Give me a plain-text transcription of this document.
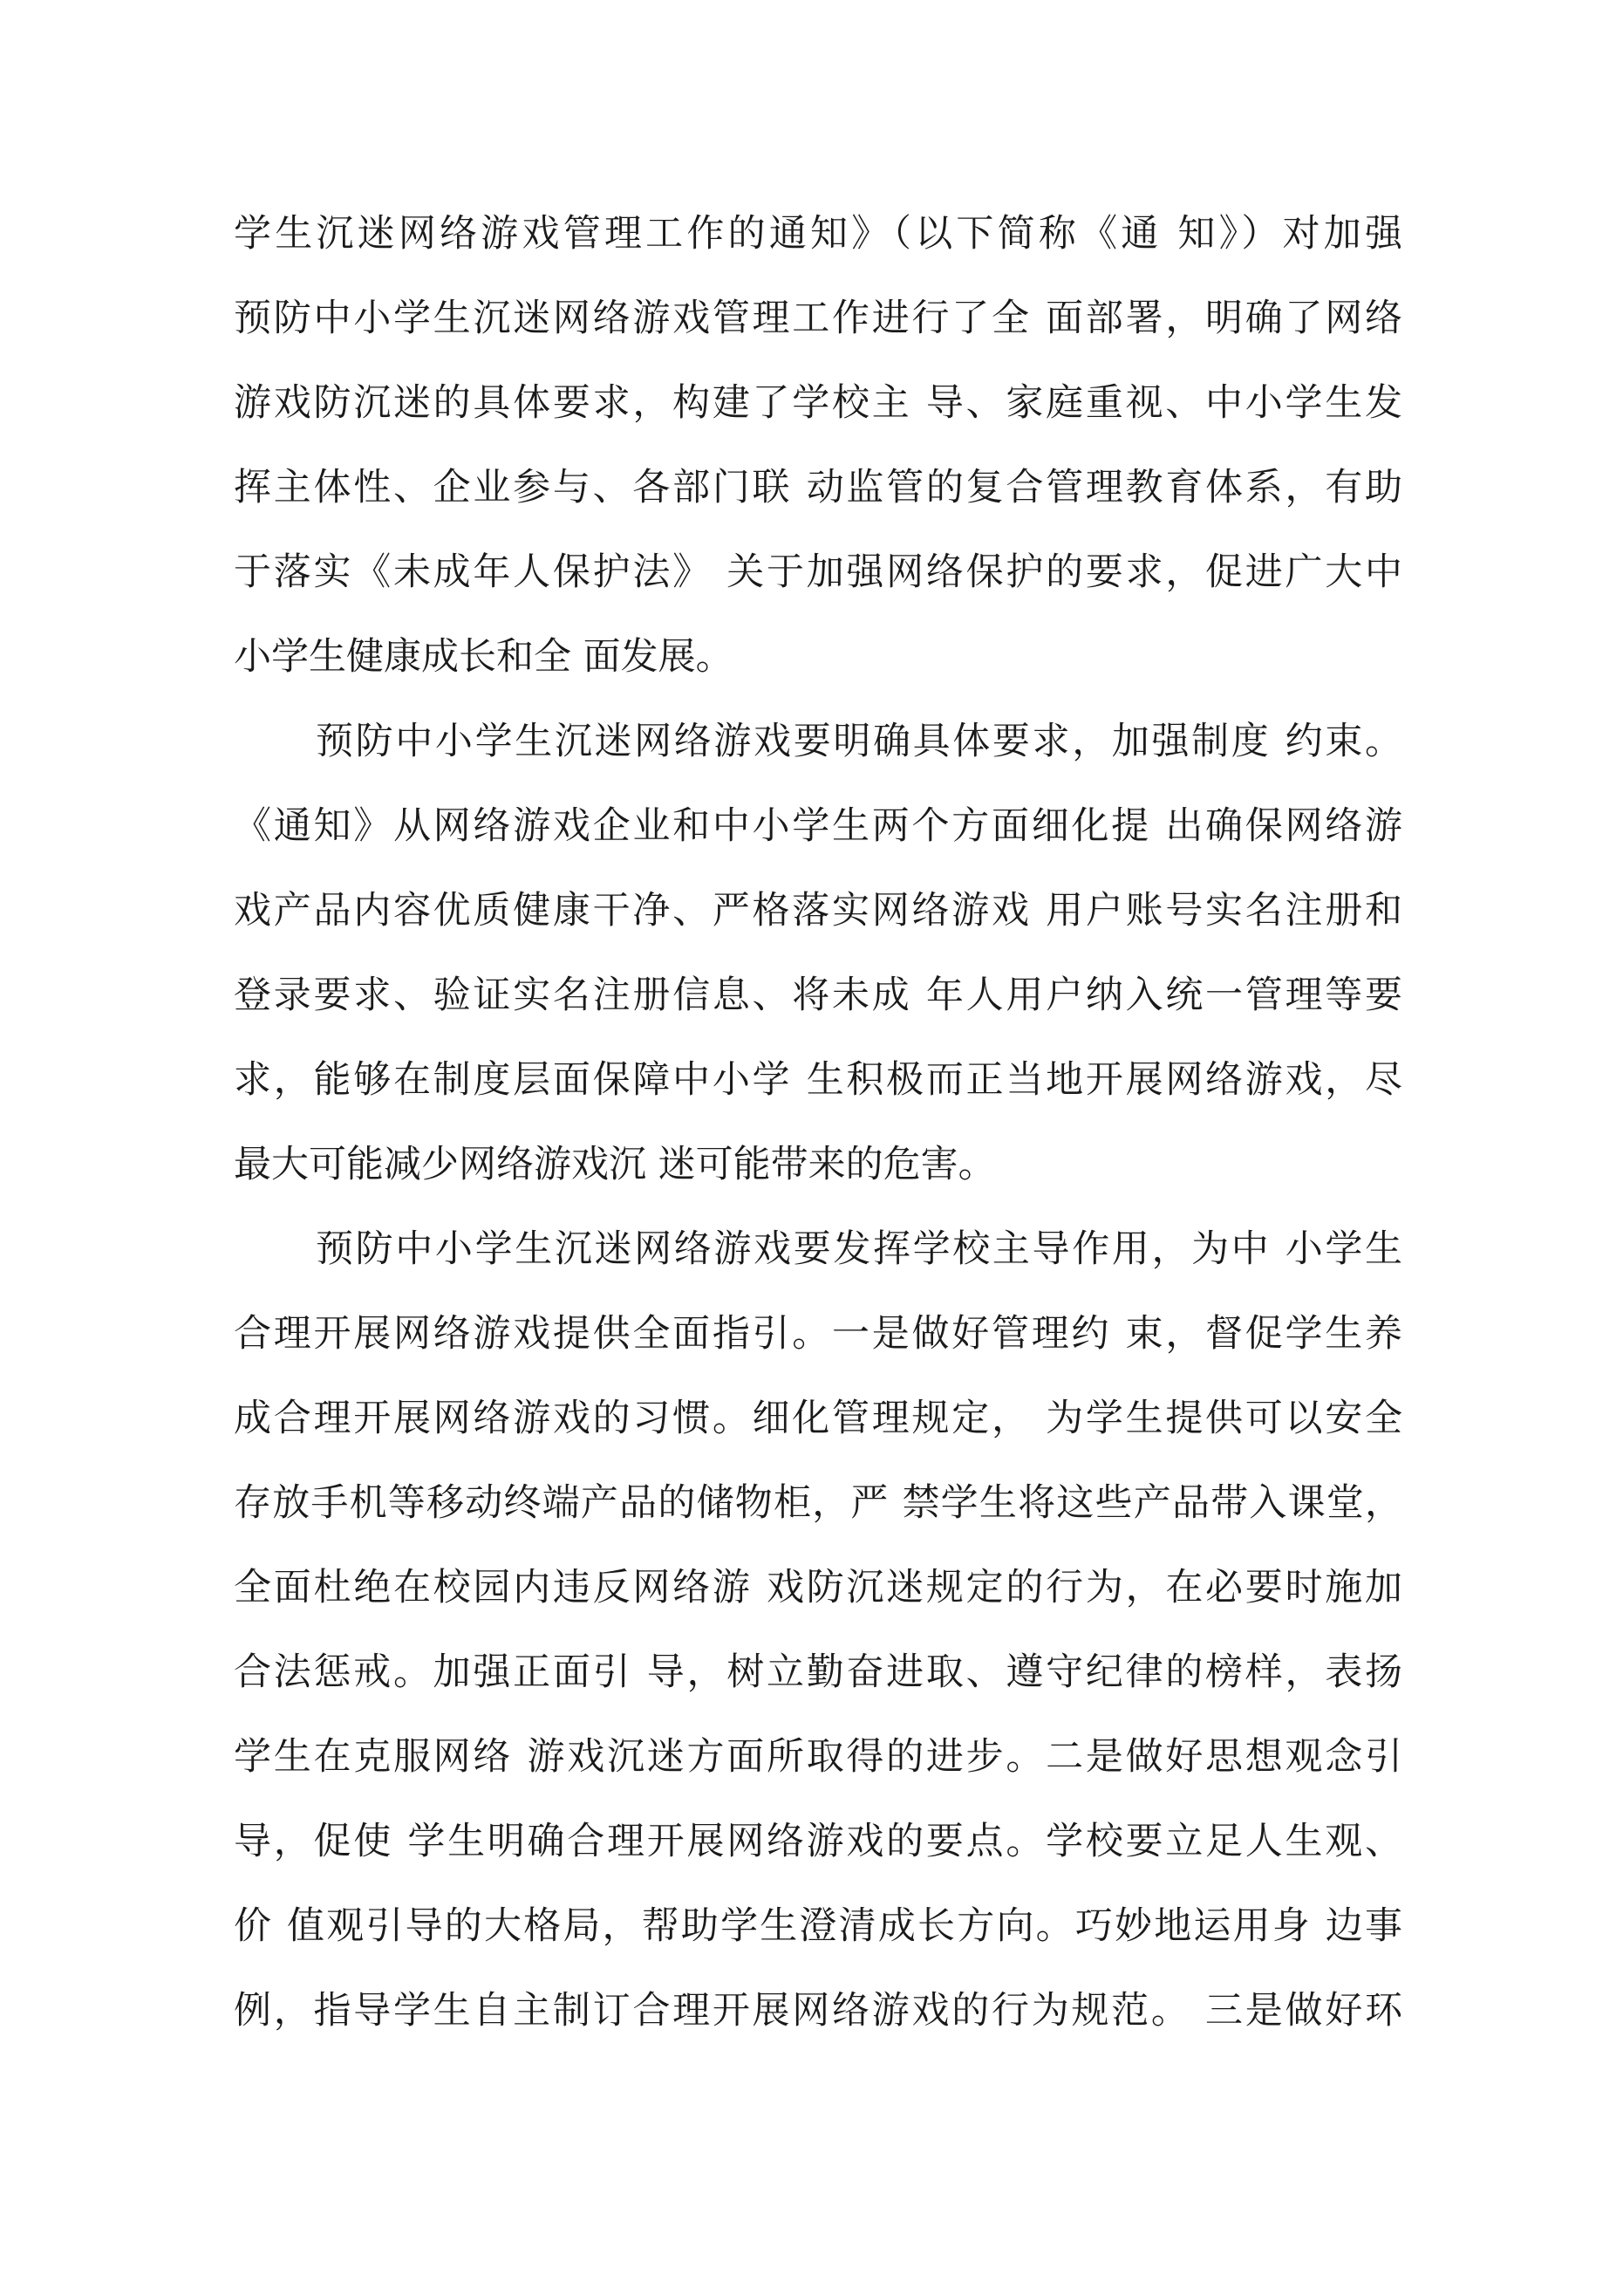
学生沉迷网络游戏管理工作的通知》（以下简称《通 知》）对加强
预防中小学生沉迷网络游戏管理工作进行了全 面部署，明确了网络
游戏防沉迷的具体要求，构建了学校主 导、家庭重视、中小学生发
挥主体性、企业参与、各部门联 动监管的复合管理教育体系，有助
于落实《未成年人保护法》 关于加强网络保护的要求，促进广大中
小学生健康成长和全 面发展。
预防中小学生沉迷网络游戏要明确具体要求，加强制度 约束。
《通知》从网络游戏企业和中小学生两个方面细化提 出确保网络游
戏产品内容优质健康干净、严格落实网络游戏 用户账号实名注册和
登录要求、验证实名注册信息、将未成 年人用户纳入统一管理等要
求，能够在制度层面保障中小学 生积极而正当地开展网络游戏，尽
最大可能减少网络游戏沉 迷可能带来的危害。
预防中小学生沉迷网络游戏要发挥学校主导作用，为中 小学生
合理开展网络游戏提供全面指引。一是做好管理约 束，督促学生养
成合理开展网络游戏的习惯。细化管理规定， 为学生提供可以安全
存放手机等移动终端产品的储物柜，严 禁学生将这些产品带入课堂，
全面杜绝在校园内违反网络游 戏防沉迷规定的行为，在必要时施加
合法惩戒。加强正面引 导，树立勤奋进取、遵守纪律的榜样，表扬
学生在克服网络 游戏沉迷方面所取得的进步。二是做好思想观念引
导，促使 学生明确合理开展网络游戏的要点。学校要立足人生观、
价 值观引导的大格局，帮助学生澄清成长方向。巧妙地运用身 边事
例，指导学生自主制订合理开展网络游戏的行为规范。 三是做好环
